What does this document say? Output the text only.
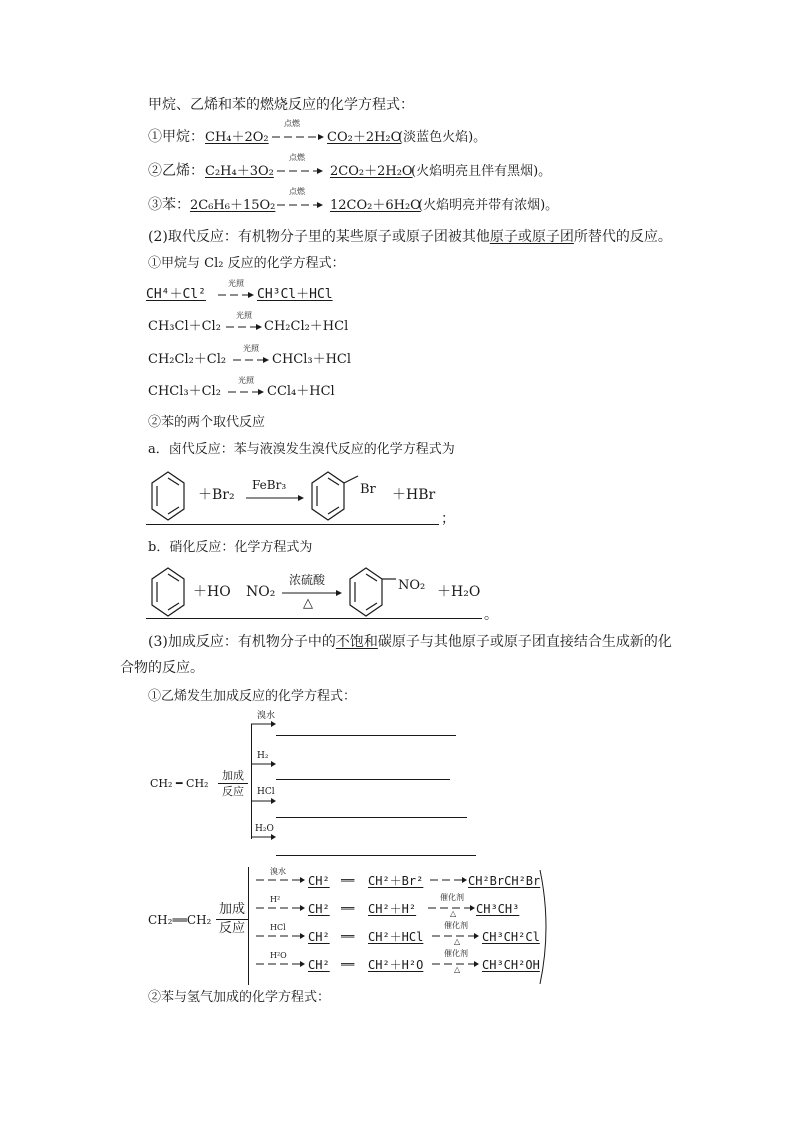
甲烷、乙烯和苯的燃烧反应的化学方程式：
①甲烷： CH₄＋2O₂
点燃
→ CO₂＋2H₂O
(淡蓝色火焰)。
②乙烯： C₂H₄＋3O₂
点燃
→ 2CO₂＋2H₂O
(火焰明亮且伴有黑烟)。
③苯： 2C₆H₆＋15O₂
点燃
→ 12CO₂＋6H₂O
(火焰明亮并带有浓烟)。
(2)取代反应：有机物分子里的某些原子或原子团被其他原子或原子团所替代的反应。
①甲烷与 Cl₂ 反应的化学方程式：
CH⁴＋Cl²
光照
→ CH³Cl＋HCl
CH₃Cl＋Cl₂
光照
→ CH₂Cl₂＋HCl
CH₂Cl₂＋Cl₂
光照
→ CHCl₃＋HCl
CHCl₃＋Cl₂
光照
→ CCl₄＋HCl
②苯的两个取代反应
a．卤代反应：苯与液溴发生溴代反应的化学方程式为
＋Br₂
FeBr₃	Br ＋HBr
；
b．硝化反应：化学方程式为
＋HO NO₂
浓硫酸
△
NO₂ ＋H₂O
。
(3)加成反应：有机物分子中的不饱和碳原子与其他原子或原子团直接结合生成新的化
合物的反应。
①乙烯发生加成反应的化学方程式：
CH₂ ━ CH₂
加成
反应
溴水
H₂
HCl
H₂O
CH₂══CH₂
加成
反应
溴水
CH² ══ CH²＋Br² → CH²BrCH²Br
H²
CH² ══ CH²＋H²
催化剂
△ CH³CH³
HCl
CH² ══ CH²＋HCl
催化剂
△ CH³CH²Cl
H²O
CH² ══ CH²＋H²O
催化剂
△ CH³CH²OH
②苯与氢气加成的化学方程式：
